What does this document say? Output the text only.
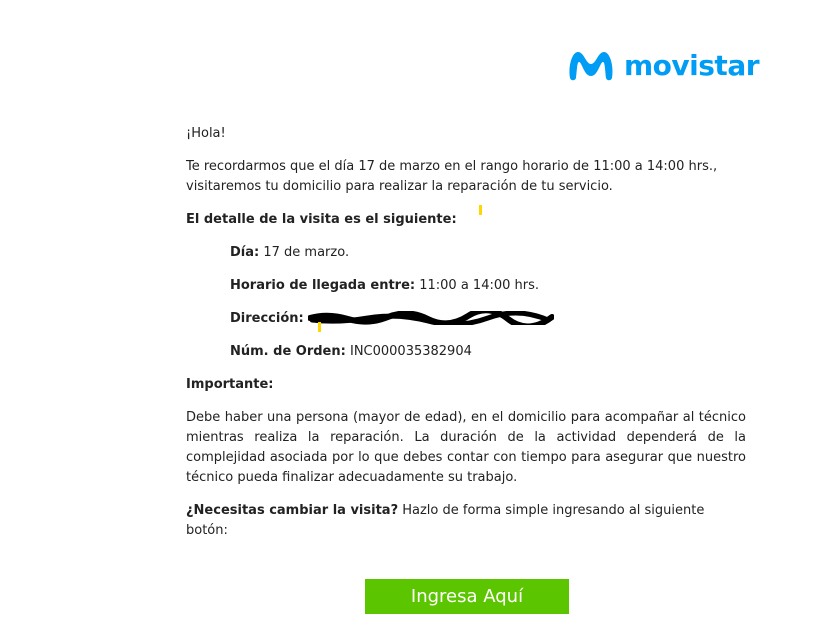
movistar

¡Hola!

Te recordarmos que el día 17 de marzo en el rango horario de 11:00 a 14:00 hrs., visitaremos tu domicilio para realizar la reparación de tu servicio.

El detalle de la visita es el siguiente:

Día: 17 de marzo.
Horario de llegada entre: 11:00 a 14:00 hrs.
Dirección:
Núm. de Orden: INC000035382904

Importante:

Debe haber una persona (mayor de edad), en el domicilio para acompañar al técnico mientras realiza la reparación. La duración de la actividad dependerá de la complejidad asociada por lo que debes contar con tiempo para asegurar que nuestro técnico pueda finalizar adecuadamente su trabajo.

¿Necesitas cambiar la visita? Hazlo de forma simple ingresando al siguiente botón:

Ingresa Aquí
